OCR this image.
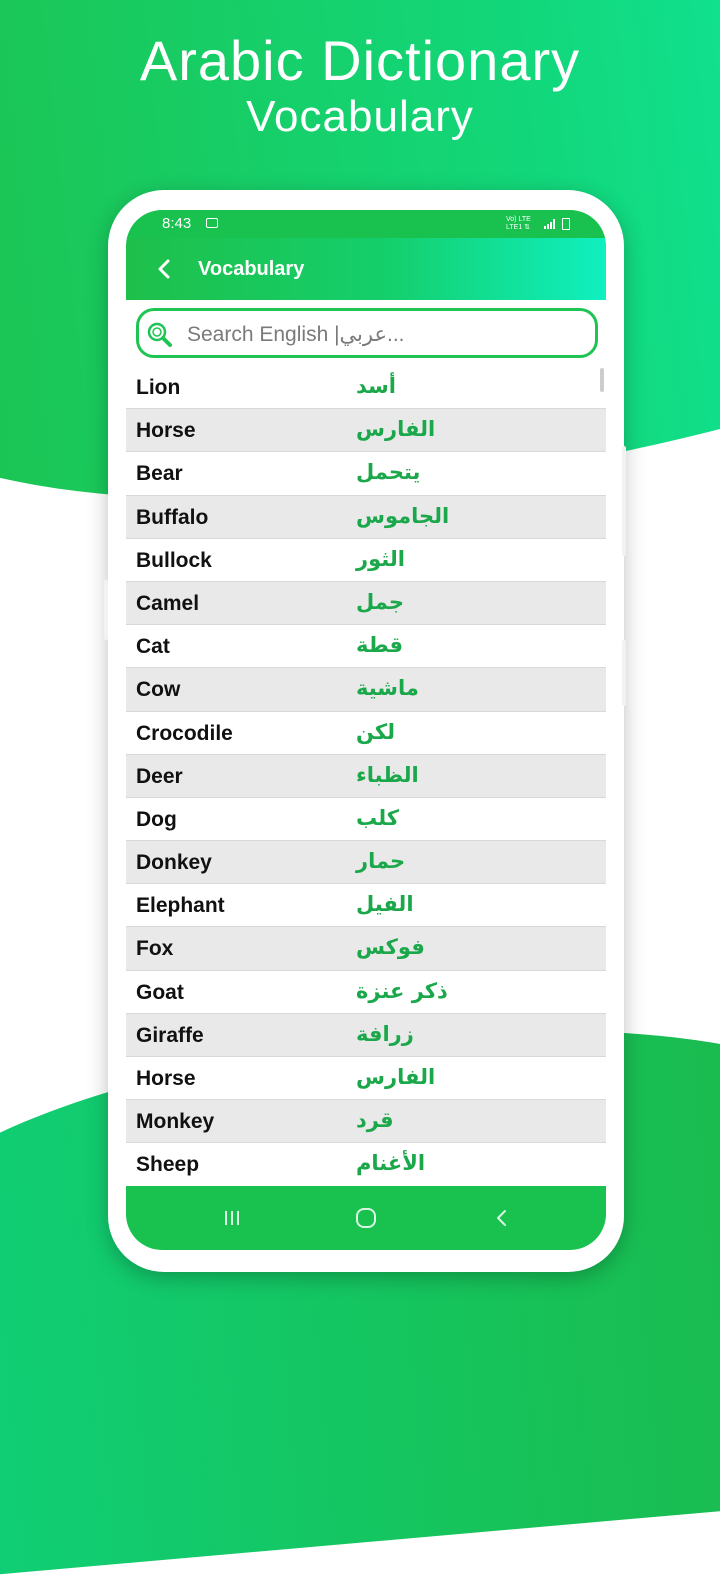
Arabic Dictionary
Vocabulary
8:43	Vo) LTE
LTE1 ⇅
Vocabulary
Search English |عربي...
Lion	أسد
Horse	الفارس
Bear	يتحمل
Buffalo	الجاموس
Bullock	الثور
Camel	جمل
Cat	قطة
Cow	ماشية
Crocodile	لكن
Deer	الظباء
Dog	كلب
Donkey	حمار
Elephant	الفيل
Fox	فوكس
Goat	ذكر عنزة
Giraffe	زرافة
Horse	الفارس
Monkey	قرد
Sheep	الأغنام
